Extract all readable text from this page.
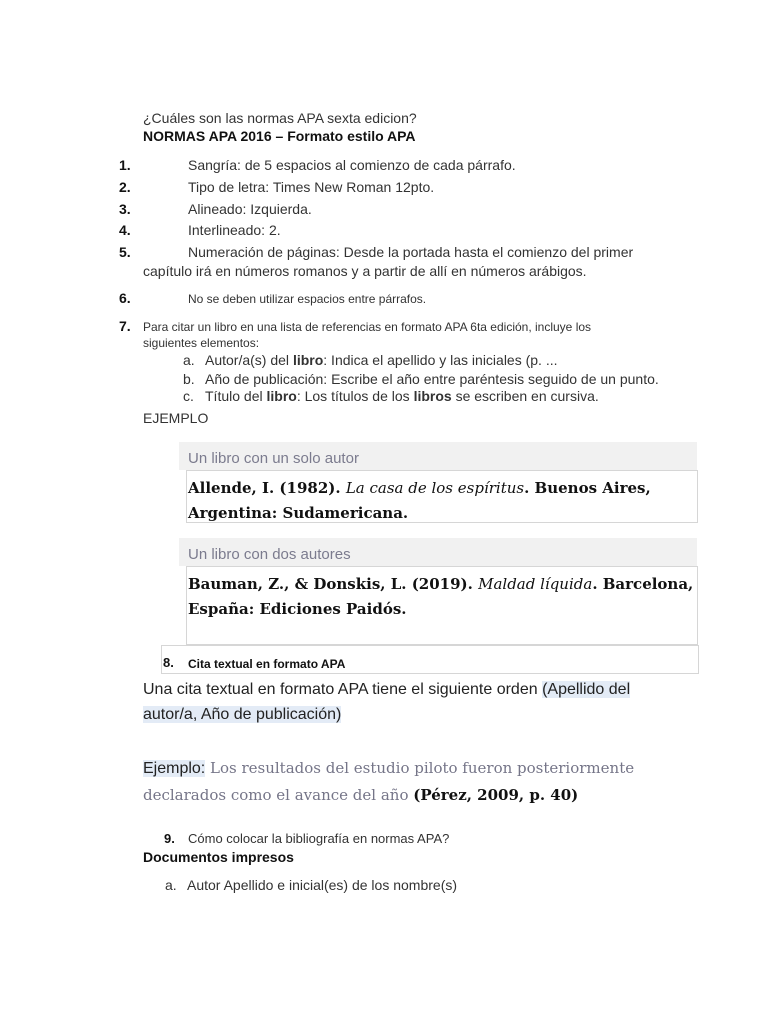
¿Cuáles son las normas APA sexta edicion?
NORMAS APA 2016 – Formato estilo APA
1.	Sangría: de 5 espacios al comienzo de cada párrafo.
2.	Tipo de letra: Times New Roman 12pto.
3.	Alineado: Izquierda.
4.	Interlineado: 2.
5.	Numeración de páginas: Desde la portada hasta el comienzo del primer
capítulo irá en números romanos y a partir de allí en números arábigos.
6.	No se deben utilizar espacios entre párrafos.
7. Para citar un libro en una lista de referencias en formato APA 6ta edición, incluye los
siguientes elementos:
a. Autor/a(s) del libro: Indica el apellido y las iniciales (p. ...
b. Año de publicación: Escribe el año entre paréntesis seguido de un punto.
c. Título del libro: Los títulos de los libros se escriben en cursiva.
EJEMPLO
Un libro con un solo autor
Allende, I. (1982). La casa de los espíritus. Buenos Aires,
Argentina: Sudamericana.
Un libro con dos autores
Bauman, Z., & Donskis, L. (2019). Maldad líquida. Barcelona,
España: Ediciones Paidós.
8. Cita textual en formato APA
Una cita textual en formato APA tiene el siguiente orden (Apellido del
autor/a, Año de publicación)
Ejemplo: Los resultados del estudio piloto fueron posteriormente
declarados como el avance del año (Pérez, 2009, p. 40)
9. Cómo colocar la bibliografía en normas APA?
Documentos impresos
a. Autor Apellido e inicial(es) de los nombre(s)
